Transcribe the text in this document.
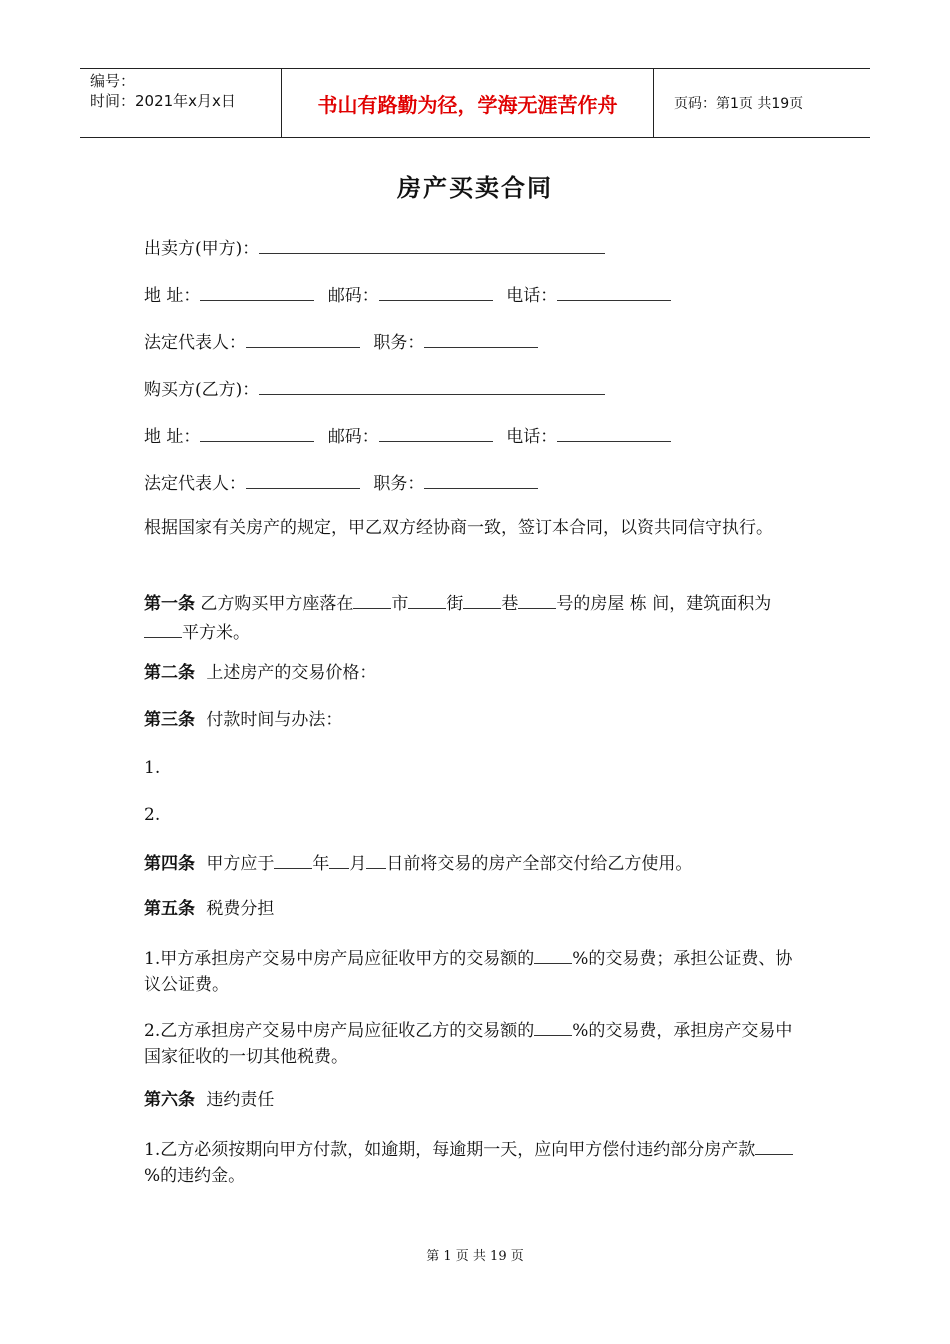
编号：
时间：2021年x月x日	书山有路勤为径，学海无涯苦作舟	页码：第1页 共19页
房产买卖合同
出卖方(甲方)：
地 址：	邮码：	电话：
法定代表人：	职务：
购买方(乙方)：
地 址：	邮码：	电话：
法定代表人：	职务：
根据国家有关房产的规定，甲乙双方经协商一致，签订本合同，以资共同信守执行。
第一条 乙方购买甲方座落在 市 街 巷 号的房屋 栋 间，建筑面积为平方米。
第二条 上述房产的交易价格：
第三条 付款时间与办法：
1.
2.
第四条 甲方应于 年 月 日前将交易的房产全部交付给乙方使用。
第五条 税费分担
1.甲方承担房产交易中房产局应征收甲方的交易额的 %的交易费；承担公证费、协议公证费。
2.乙方承担房产交易中房产局应征收乙方的交易额的 %的交易费，承担房产交易中国家征收的一切其他税费。
第六条 违约责任
1.乙方必须按期向甲方付款，如逾期，每逾期一天，应向甲方偿付违约部分房产款%的违约金。
第 1 页 共 19 页
